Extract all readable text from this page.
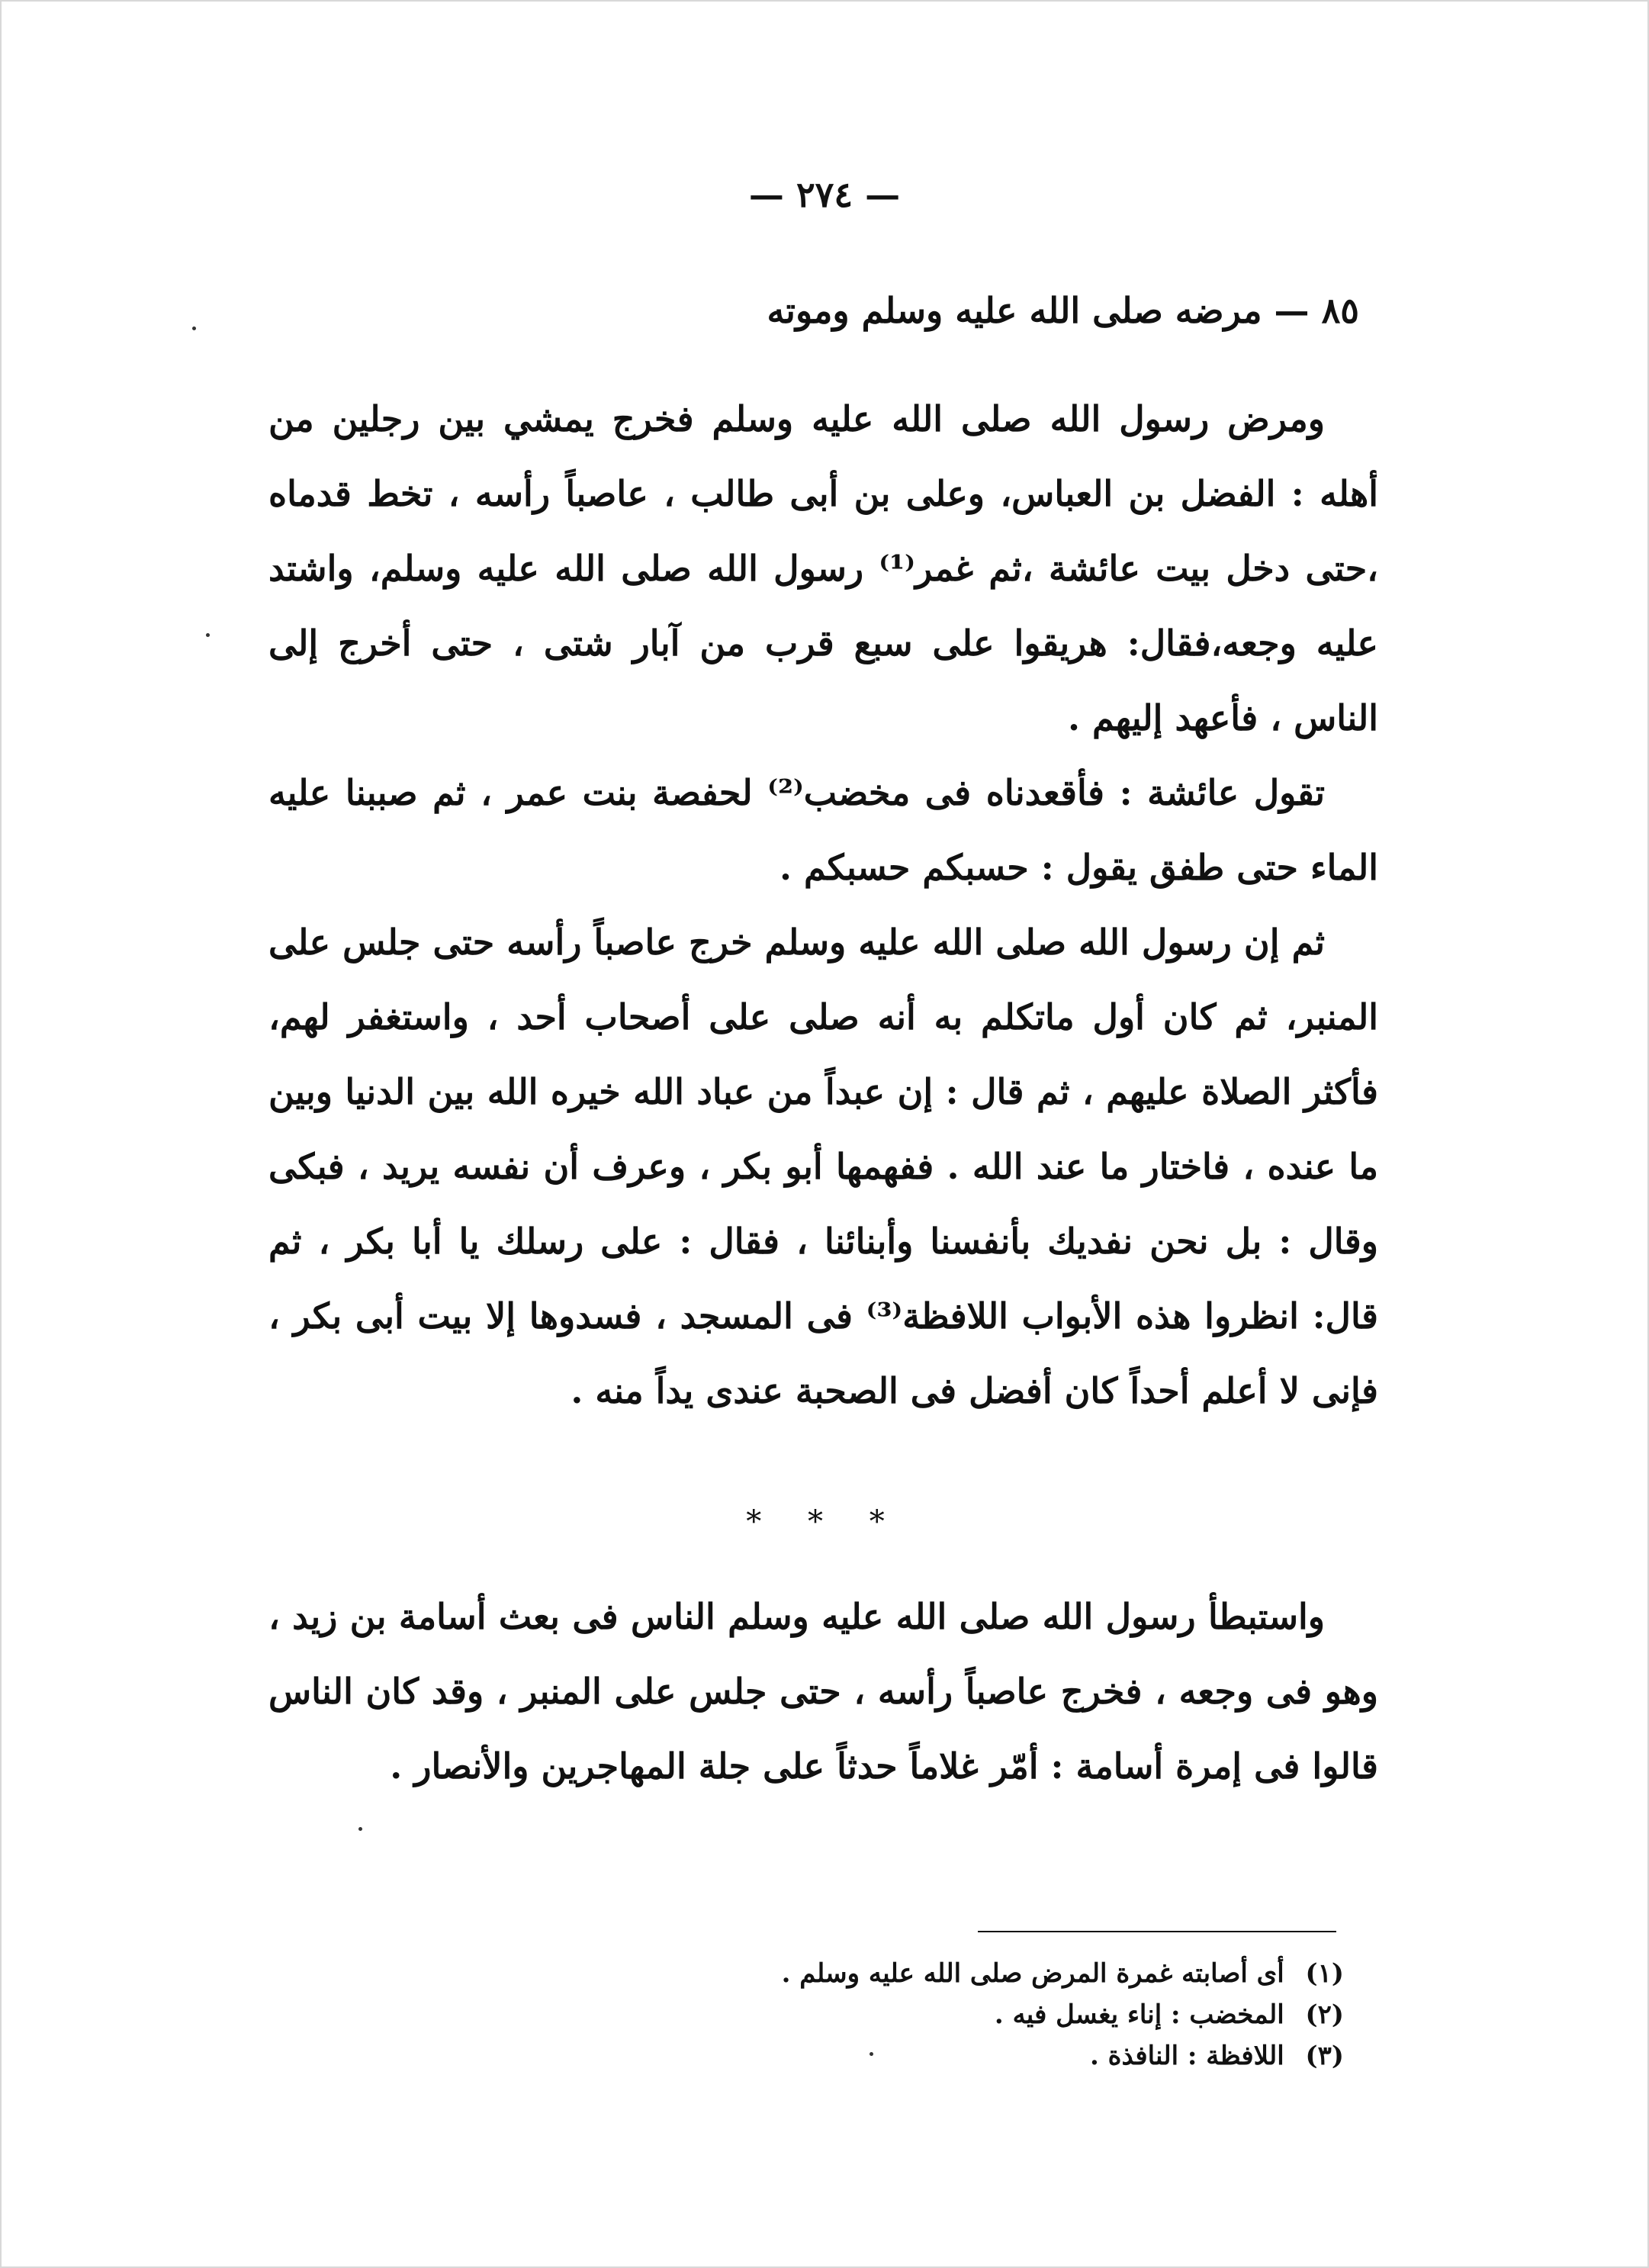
— ٢٧٤ —
٨٥ — مرضه صلى الله عليه وسلم وموته

ومرض رسول الله صلى الله عليه وسلم فخرج يمشي بين رجلين من أهله : الفضل بن العباس، وعلى بن أبى طالب ، عاصباً رأسه ، تخط قدماه ،حتى دخل بيت عائشة ،ثم غمر⁽¹⁾ رسول الله صلى الله عليه وسلم، واشتد عليه وجعه،فقال: هريقوا على سبع قرب من آبار شتى ، حتى أخرج إلى الناس ، فأعهد إليهم .

تقول عائشة : فأقعدناه فى مخضب⁽²⁾ لحفصة بنت عمر ، ثم صببنا عليه الماء حتى طفق يقول : حسبكم حسبكم .

ثم إن رسول الله صلى الله عليه وسلم خرج عاصباً رأسه حتى جلس على المنبر، ثم كان أول ماتكلم به أنه صلى على أصحاب أحد ، واستغفر لهم، فأكثر الصلاة عليهم ، ثم قال : إن عبداً من عباد الله خيره الله بين الدنيا وبين ما عنده ، فاختار ما عند الله . ففهمها أبو بكر ، وعرف أن نفسه يريد ، فبكى وقال : بل نحن نفديك بأنفسنا وأبنائنا ، فقال : على رسلك يا أبا بكر ، ثم قال: انظروا هذه الأبواب اللافظة⁽³⁾ فى المسجد ، فسدوها إلا بيت أبى بكر ، فإنى لا أعلم أحداً كان أفضل فى الصحبة عندى يداً منه .

* * *

واستبطأ رسول الله صلى الله عليه وسلم الناس فى بعث أسامة بن زيد ، وهو فى وجعه ، فخرج عاصباً رأسه ، حتى جلس على المنبر ، وقد كان الناس قالوا فى إمرة أسامة : أمّر غلاماً حدثاً على جلة المهاجرين والأنصار .

(١) أى أصابته غمرة المرض صلى الله عليه وسلم .
(٢) المخضب : إناء يغسل فيه .
(٣) اللافظة : النافذة .
